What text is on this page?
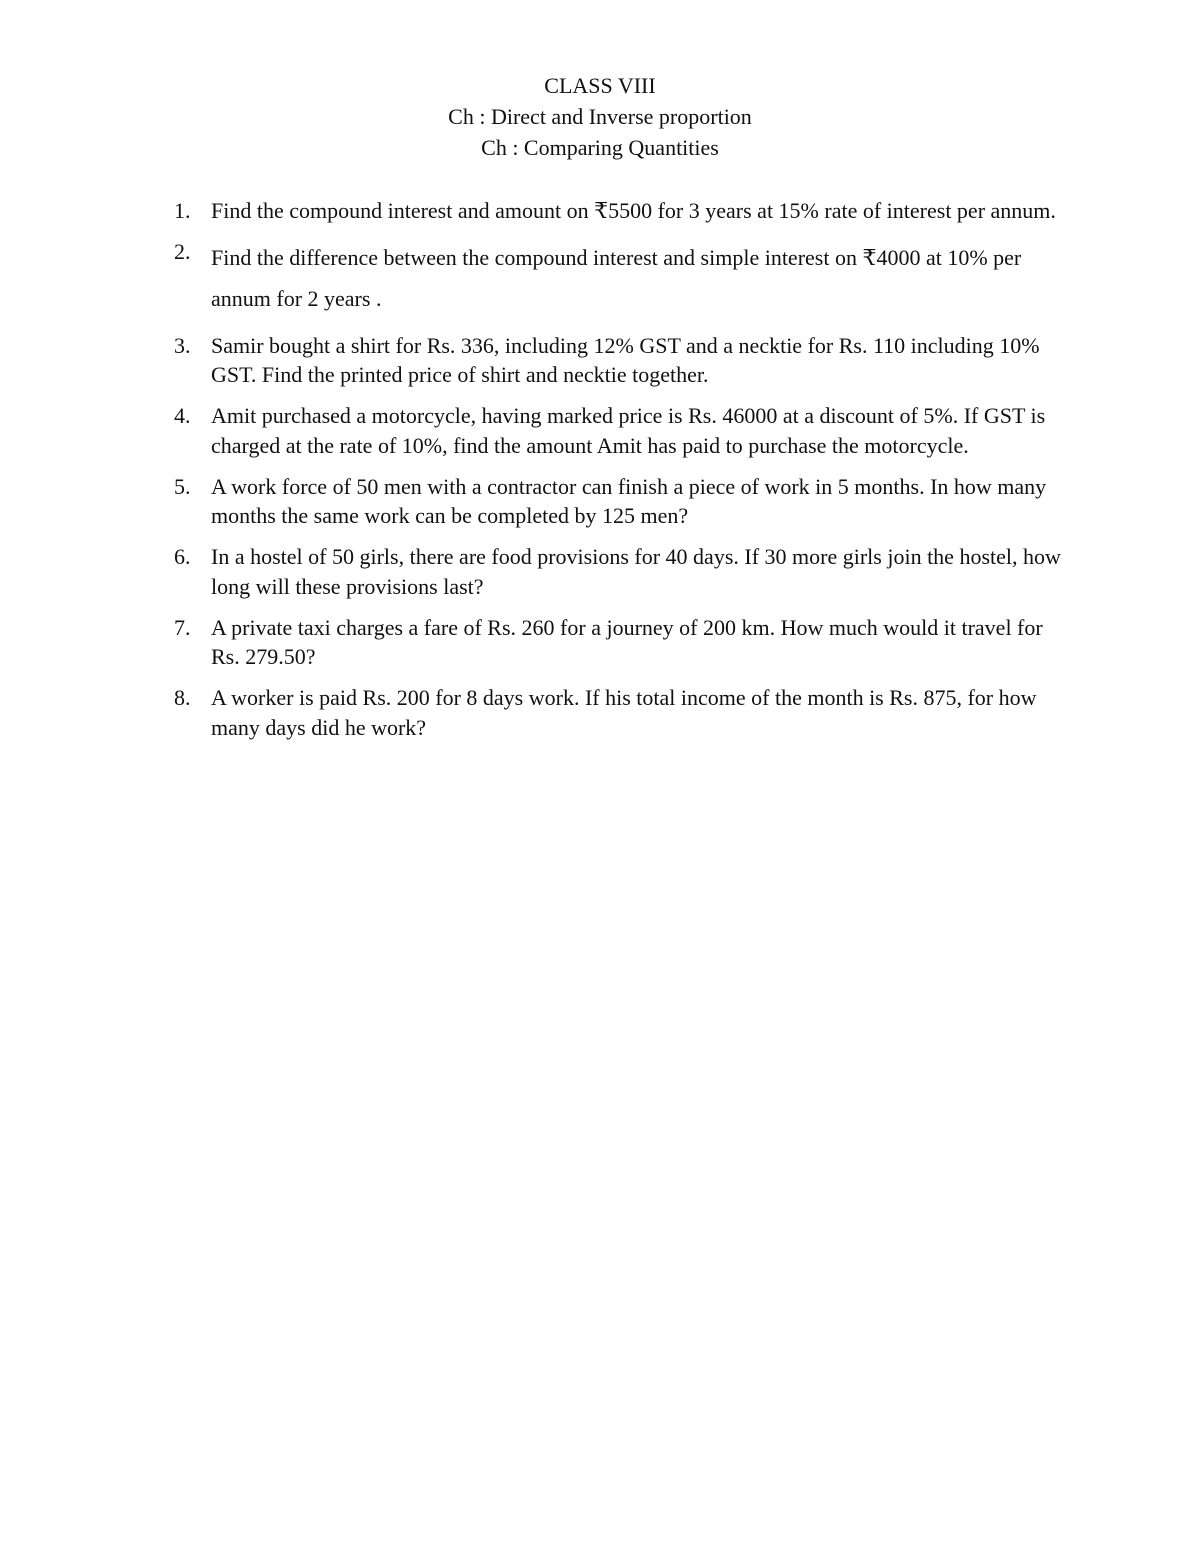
CLASS VIII
Ch : Direct and Inverse proportion
Ch : Comparing Quantities
1. Find the compound interest and amount on ₹5500 for 3 years at 15% rate of interest per annum.
2. Find the difference between the compound interest and simple interest on ₹4000 at 10% per annum for 2 years .
3. Samir bought a shirt for Rs. 336, including 12% GST and a necktie for Rs. 110 including 10% GST. Find the printed price of shirt and necktie together.
4. Amit purchased a motorcycle, having marked price is Rs. 46000 at a discount of 5%. If GST is charged at the rate of 10%, find the amount Amit has paid to purchase the motorcycle.
5. A work force of 50 men with a contractor can finish a piece of work in 5 months. In how many months the same work can be completed by 125 men?
6. In a hostel of 50 girls, there are food provisions for 40 days. If 30 more girls join the hostel, how long will these provisions last?
7. A private taxi charges a fare of Rs. 260 for a journey of 200 km. How much would it travel for Rs. 279.50?
8. A worker is paid Rs. 200 for 8 days work. If his total income of the month is Rs. 875, for how many days did he work?
